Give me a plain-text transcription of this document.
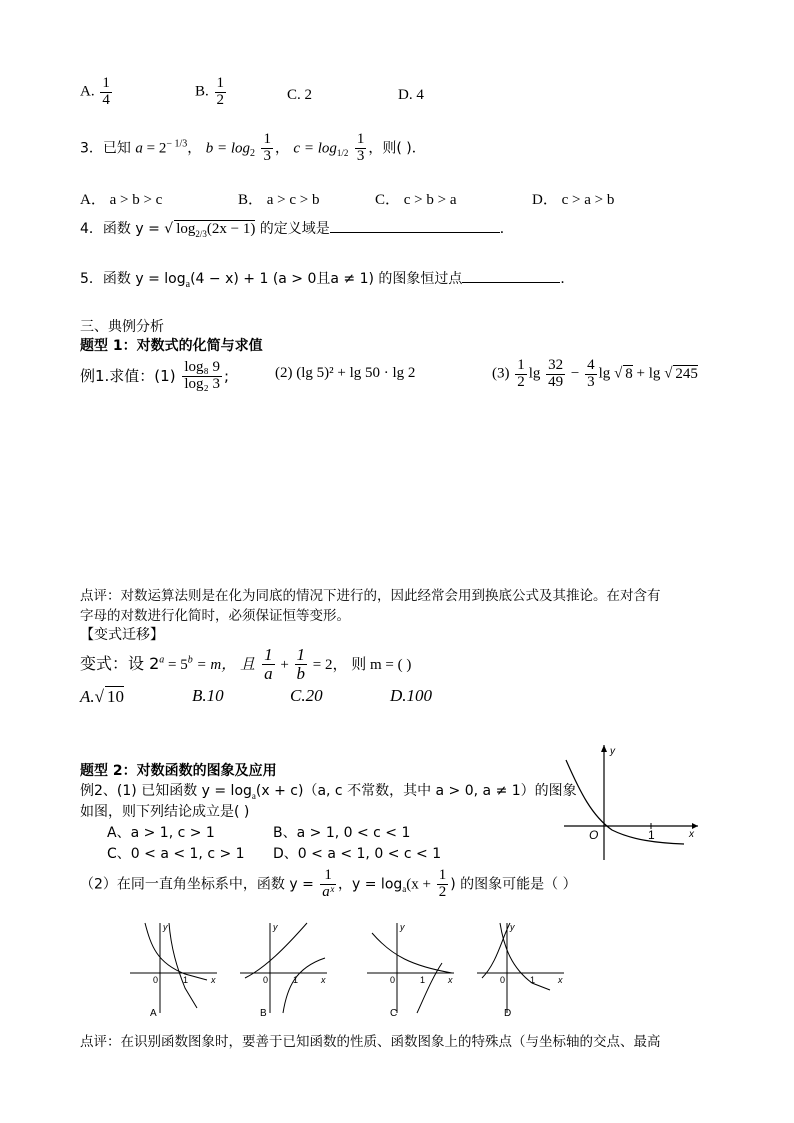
A. $\frac{1}{4}$	B. $\frac{1}{2}$	C. 2	D. 4
3．已知 $a = 2^{- 1/3}$， $b = \log_2 \frac{1}{3}$ ， $c = \log_{1/2} \frac{1}{3}$ ，则( )．
A． a > b > c	B． a > c > b	C． c > b > a	D． c > a > b
4．函数 y = √ $\log_{2/3}(2x - 1)$ 的定义域是	．
5．函数 $y = \log_a(4 - x) + 1$ (a > 0且a ≠ 1) 的图象恒过点	．
三、典例分析
题型 1：对数式的化简与求值
例1.求值：$(1) \frac{\text{log₈ 9}}{\text{log₂ 3}}$ ;	(2) (lg 5)² + lg 50 · lg 2	$(3) \frac{1}{2}$ $\lg \frac{32}{49} - \frac{4}{3}$ lg √ 8 + lg √ 245
点评：对数运算法则是在化为同底的情况下进行的，因此经常会用到换底公式及其推论。在对含有
字母的对数进行化简时，必须保证恒等变形。
【变式迁移】
变式：设 $2^a = 5^b = m$， 且 $\frac{1}{a} + \frac{1}{b} = 2$， 则 m = ( )
A.√ 10	B.10	C.20	D.100
题型 2：对数函数的图象及应用
例2、(1) 已知函数 $y = \log_a(x + c)(a$, c 不常数，其中 a > 0, a ≠ 1）的图象
如图，则下列结论成立是( )
A、a > 1, c > 1	B、a > 1, 0 < c < 1
C、0 < a < 1, c > 1 D、0 < a < 1, 0 < c < 1
y
x
O	1
（2）在同一直角坐标系中，函数 $y = \frac{1}{\text{aˣ}}$ ，$y = \log_a(x + \frac{1}{2}$ ) 的图象可能是（ ）
y
x
0	1
A
y
x
0	1
B
y
x
0	1
C
y
x
0	1
D
点评：在识别函数图象时，要善于已知函数的性质、函数图象上的特殊点（与坐标轴的交点、最高
